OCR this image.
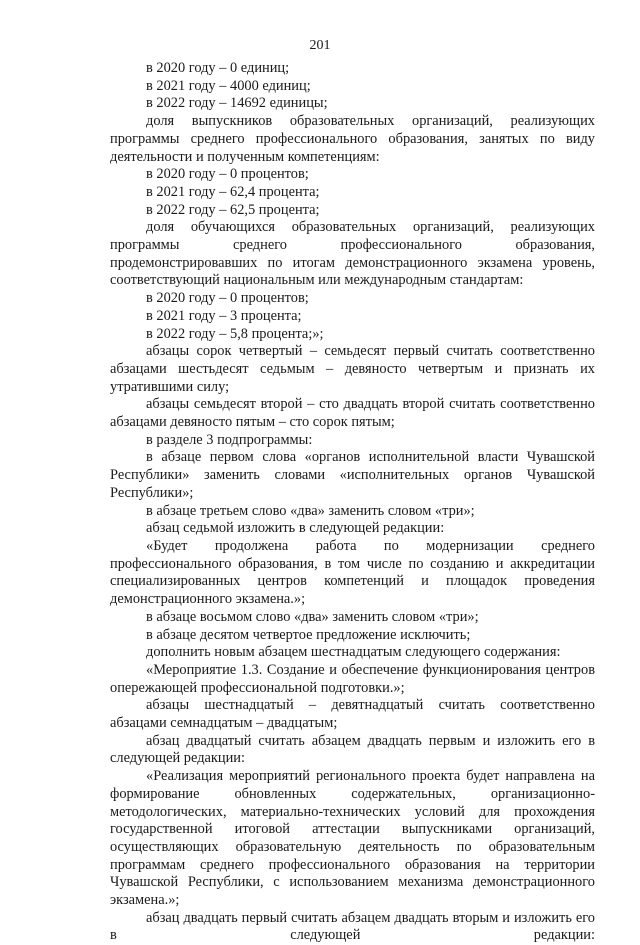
201

в 2020 году – 0 единиц;

в 2021 году – 4000 единиц;

в 2022 году – 14692 единицы;

доля выпускников образовательных организаций, реализующих программы среднего профессионального образования, занятых по виду деятельности и полученным компетенциям:

в 2020 году – 0 процентов;

в 2021 году – 62,4 процента;

в 2022 году – 62,5 процента;

доля обучающихся образовательных организаций, реализующих программы среднего профессионального образования, продемонстрировавших по итогам демонстрационного экзамена уровень, соответствующий национальным или международным стандартам:

в 2020 году – 0 процентов;

в 2021 году – 3 процента;

в 2022 году – 5,8 процента;»;

абзацы сорок четвертый – семьдесят первый считать соответственно абзацами шестьдесят седьмым – девяносто четвертым и признать их утратившими силу;

абзацы семьдесят второй – сто двадцать второй считать соответственно абзацами девяносто пятым – сто сорок пятым;

в разделе 3 подпрограммы:

в абзаце первом слова «органов исполнительной власти Чувашской Республики» заменить словами «исполнительных органов Чувашской Республики»;

в абзаце третьем слово «два» заменить словом «три»;

абзац седьмой изложить в следующей редакции:

«Будет продолжена работа по модернизации среднего профессионального образования, в том числе по созданию и аккредитации специализированных центров компетенций и площадок проведения демонстрационного экзамена.»;

в абзаце восьмом слово «два» заменить словом «три»;

в абзаце десятом четвертое предложение исключить;

дополнить новым абзацем шестнадцатым следующего содержания:

«Мероприятие 1.3. Создание и обеспечение функционирования центров опережающей профессиональной подготовки.»;

абзацы шестнадцатый – девятнадцатый считать соответственно абзацами семнадцатым – двадцатым;

абзац двадцатый считать абзацем двадцать первым и изложить его в следующей редакции:

«Реализация мероприятий регионального проекта будет направлена на формирование обновленных содержательных, организационно-методологических, материально-технических условий для прохождения государственной итоговой аттестации выпускниками организаций, осуществляющих образовательную деятельность по образовательным программам среднего профессионального образования на территории Чувашской Республики, с использованием механизма демонстрационного экзамена.»;

абзац двадцать первый считать абзацем двадцать вторым и изложить его в следующей редакции:
